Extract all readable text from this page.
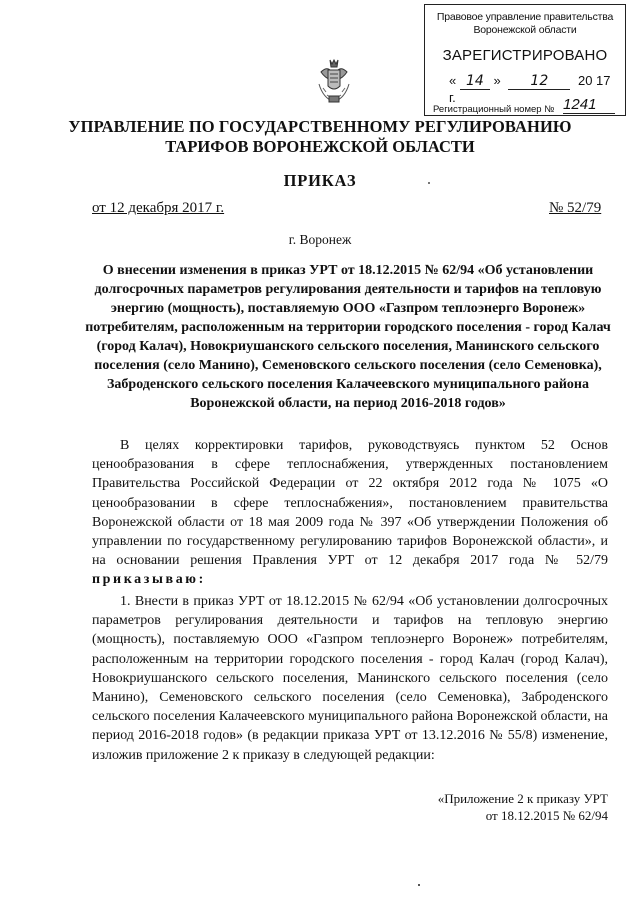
Правовое управление правительства
Воронежской области
ЗАРЕГИСТРИРОВАНО
« 14 » 12 20 17 г.
Регистрационный номер № 1241
УПРАВЛЕНИЕ ПО ГОСУДАРСТВЕННОМУ РЕГУЛИРОВАНИЮ
ТАРИФОВ ВОРОНЕЖСКОЙ ОБЛАСТИ
ПРИКАЗ
от 12 декабря 2017 г.	№ 52/79
г. Воронеж
О внесении изменения в приказ УРТ от 18.12.2015 № 62/94 «Об установлении долгосрочных параметров регулирования деятельности и тарифов на тепловую энергию (мощность), поставляемую ООО «Газпром теплоэнерго Воронеж» потребителям, расположенным на территории городского поселения - город Калач (город Калач), Новокриушанского сельского поселения, Манинского сельского поселения (село Манино), Семеновского сельского поселения (село Семеновка), Заброденского сельского поселения Калачеевского муниципального района Воронежской области, на период 2016-2018 годов»
В целях корректировки тарифов, руководствуясь пунктом 52 Основ ценообразования в сфере теплоснабжения, утвержденных постановлением Правительства Российской Федерации от 22 октября 2012 года № 1075 «О ценообразовании в сфере теплоснабжения», постановлением правительства Воронежской области от 18 мая 2009 года № 397 «Об утверждении Положения об управлении по государственному регулированию тарифов Воронежской области», и на основании решения Правления УРТ от 12 декабря 2017 года № 52/79 приказываю:
1. Внести в приказ УРТ от 18.12.2015 № 62/94 «Об установлении долгосрочных параметров регулирования деятельности и тарифов на тепловую энергию (мощность), поставляемую ООО «Газпром теплоэнерго Воронеж» потребителям, расположенным на территории городского поселения - город Калач (город Калач), Новокриушанского сельского поселения, Манинского сельского поселения (село Манино), Семеновского сельского поселения (село Семеновка), Заброденского сельского поселения Калачеевского муниципального района Воронежской области, на период 2016-2018 годов» (в редакции приказа УРТ от 13.12.2016 № 55/8) изменение, изложив приложение 2 к приказу в следующей редакции:
«Приложение 2 к приказу УРТ
от 18.12.2015 № 62/94
